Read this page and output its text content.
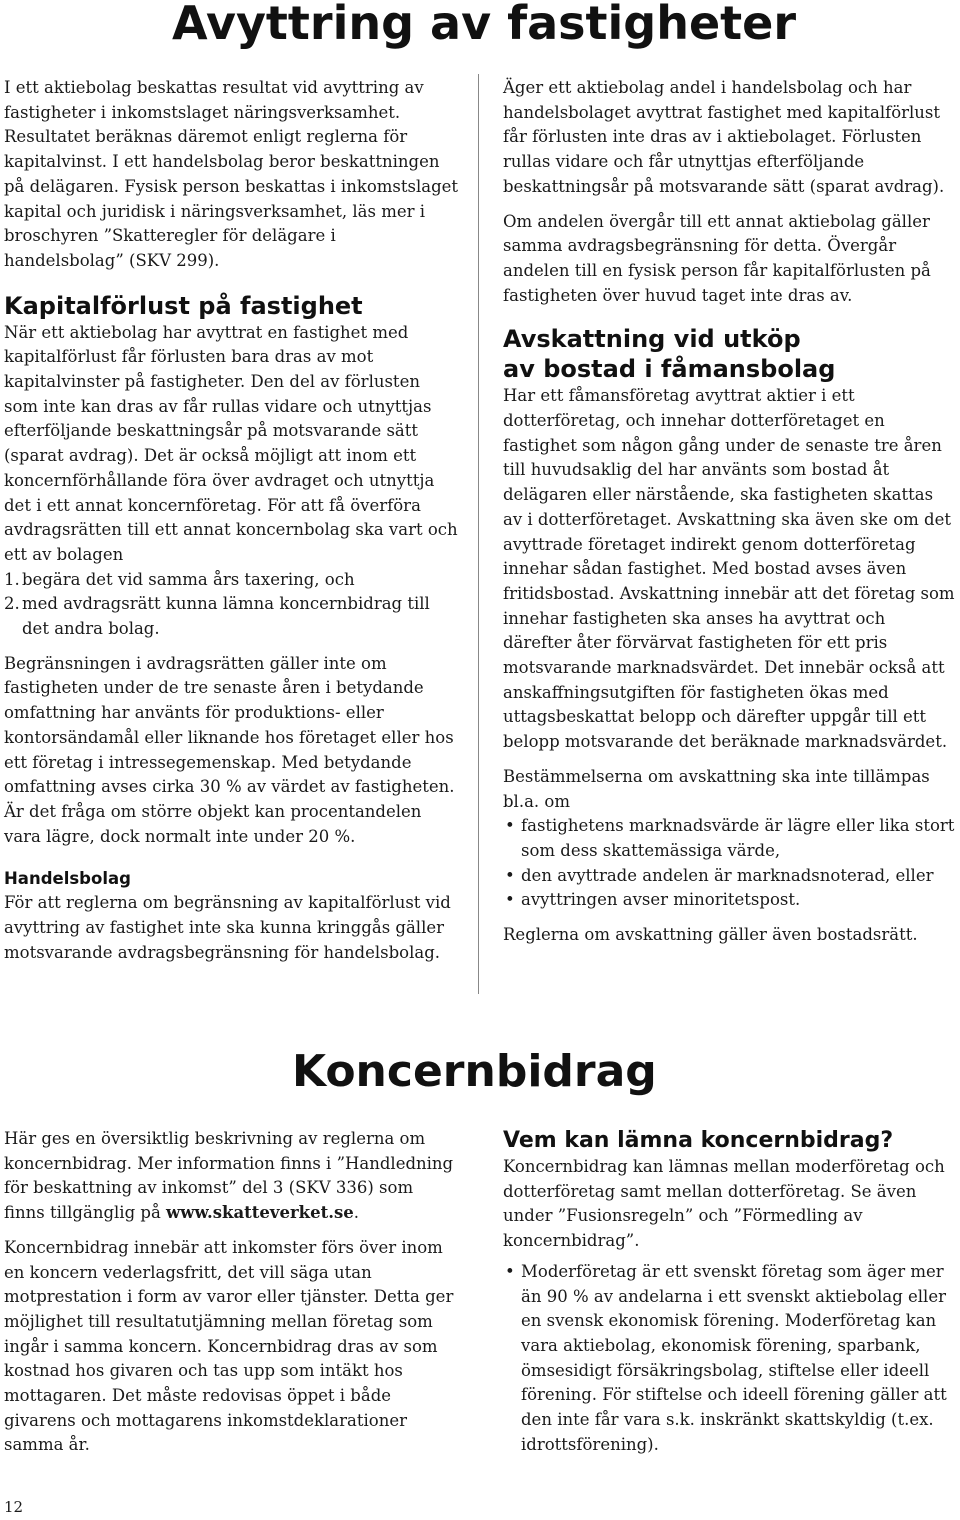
Avyttring av fastigheter

I ett aktiebolag beskattas resultat vid avyttring av fastigheter i inkomstslaget näringsverksamhet. Resultatet beräknas däremot enligt reglerna för kapitalvinst. I ett handelsbolag beror beskattningen på delägaren. Fysisk person beskattas i inkomstslaget kapital och juridisk i näringsverksamhet, läs mer i broschyren ”Skatteregler för delägare i handelsbolag” (SKV 299).

Kapitalförlust på fastighet

När ett aktiebolag har avyttrat en fastighet med kapitalförlust får förlusten bara dras av mot kapitalvinster på fastigheter. Den del av förlusten som inte kan dras av får rullas vidare och utnyttjas efterföljande beskattningsår på motsvarande sätt (sparat avdrag). Det är också möjligt att inom ett koncernförhållande föra över avdraget och utnyttja det i ett annat koncernföretag. För att få överföra avdragsrätten till ett annat koncernbolag ska vart och ett av bolagen

1. begära det vid samma års taxering, och
2. med avdragsrätt kunna lämna koncernbidrag till det andra bolag.

Begränsningen i avdragsrätten gäller inte om fastigheten under de tre senaste åren i betydande omfattning har använts för produktions- eller kontorsändamål eller liknande hos företaget eller hos ett företag i intressegemenskap. Med betydande omfattning avses cirka 30 % av värdet av fastigheten. Är det fråga om större objekt kan procentandelen vara lägre, dock normalt inte under 20 %.

Handelsbolag

För att reglerna om begränsning av kapitalförlust vid avyttring av fastighet inte ska kunna kringgås gäller motsvarande avdragsbegränsning för handelsbolag.

Äger ett aktiebolag andel i handelsbolag och har handelsbolaget avyttrat fastighet med kapitalförlust får förlusten inte dras av i aktiebolaget. Förlusten rullas vidare och får utnyttjas efterföljande beskattningsår på motsvarande sätt (sparat avdrag).

Om andelen övergår till ett annat aktiebolag gäller samma avdragsbegränsning för detta. Övergår andelen till en fysisk person får kapitalförlusten på fastigheten över huvud taget inte dras av.

Avskattning vid utköp
av bostad i fåmansbolag

Har ett fåmansföretag avyttrat aktier i ett dotterföretag, och innehar dotterföretaget en fastighet som någon gång under de senaste tre åren till huvudsaklig del har använts som bostad åt delägaren eller närstående, ska fastigheten skattas av i dotterföretaget. Avskattning ska även ske om det avyttrade företaget indirekt genom dotterföretag innehar sådan fastighet. Med bostad avses även fritidsbostad. Avskattning innebär att det företag som innehar fastigheten ska anses ha avyttrat och därefter åter förvärvat fastigheten för ett pris motsvarande marknadsvärdet. Det innebär också att anskaffningsutgiften för fastigheten ökas med uttagsbeskattat belopp och därefter uppgår till ett belopp motsvarande det beräknade marknadsvärdet.

Bestämmelserna om avskattning ska inte tillämpas bl.a. om

• fastighetens marknadsvärde är lägre eller lika stort som dess skattemässiga värde,
• den avyttrade andelen är marknadsnoterad, eller
• avyttringen avser minoritetspost.

Reglerna om avskattning gäller även bostadsrätt.

Koncernbidrag

Här ges en översiktlig beskrivning av reglerna om koncernbidrag. Mer information finns i ”Handledning för beskattning av inkomst” del 3 (SKV 336) som finns tillgänglig på www.skatteverket.se.

Koncernbidrag innebär att inkomster förs över inom en koncern vederlagsfritt, det vill säga utan motprestation i form av varor eller tjänster. Detta ger möjlighet till resultatutjämning mellan företag som ingår i samma koncern. Koncernbidrag dras av som kostnad hos givaren och tas upp som intäkt hos mottagaren. Det måste redovisas öppet i både givarens och mottagarens inkomstdeklarationer samma år.

Vem kan lämna koncernbidrag?

Koncernbidrag kan lämnas mellan moderföretag och dotterföretag samt mellan dotterföretag. Se även under ”Fusionsregeln” och ”Förmedling av koncernbidrag”.

• Moderföretag är ett svenskt företag som äger mer än 90 % av andelarna i ett svenskt aktiebolag eller en svensk ekonomisk förening. Moderföretag kan vara aktiebolag, ekonomisk förening, sparbank, ömsesidigt försäkringsbolag, stiftelse eller ideell förening. För stiftelse och ideell förening gäller att den inte får vara s.k. inskränkt skattskyldig (t.ex. idrottsförening).
12
